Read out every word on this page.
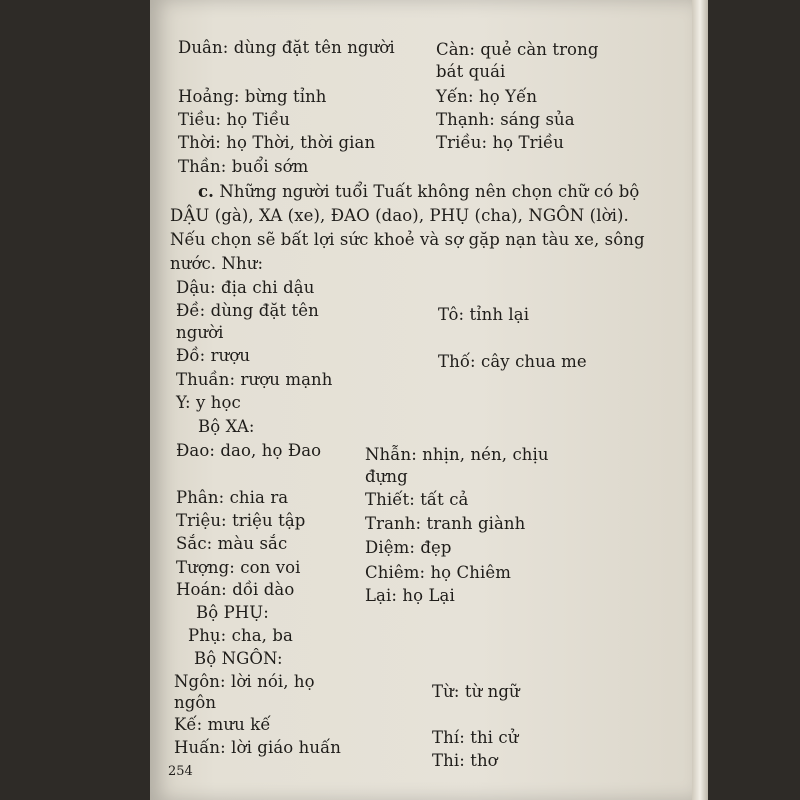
Duân: dùng đặt tên người
Hoảng: bừng tỉnh
Tiều: họ Tiều
Thời: họ Thời, thời gian
Thần: buổi sớm
Càn: quẻ càn trong
bát quái
Yến: họ Yến
Thạnh: sáng sủa
Triều: họ Triều
c. Những người tuổi Tuất không nên chọn chữ có bộ
DẬU (gà), XA (xe), ĐAO (dao), PHỤ (cha), NGÔN (lời).
Nếu chọn sẽ bất lợi sức khoẻ và sợ gặp nạn tàu xe, sông
nước. Như:
Dậu: địa chi dậu
Đề: dùng đặt tên
người
Đồ: rượu
Thuần: rượu mạnh
Y: y học
Tô: tỉnh lại
Thố: cây chua me
Bộ XA:
Đao: dao, họ Đao
Phân: chia ra
Triệu: triệu tập
Sắc: màu sắc
Tượng: con voi
Hoán: dồi dào
Nhẫn: nhịn, nén, chịu
đựng
Thiết: tất cả
Tranh: tranh giành
Diệm: đẹp
Chiêm: họ Chiêm
Lại: họ Lại
Bộ PHỤ:
Phụ: cha, ba
Bộ NGÔN:
Ngôn: lời nói, họ
ngôn
Kế: mưu kế
Huấn: lời giáo huấn
Từ: từ ngữ
Thí: thi cử
Thi: thơ
254
